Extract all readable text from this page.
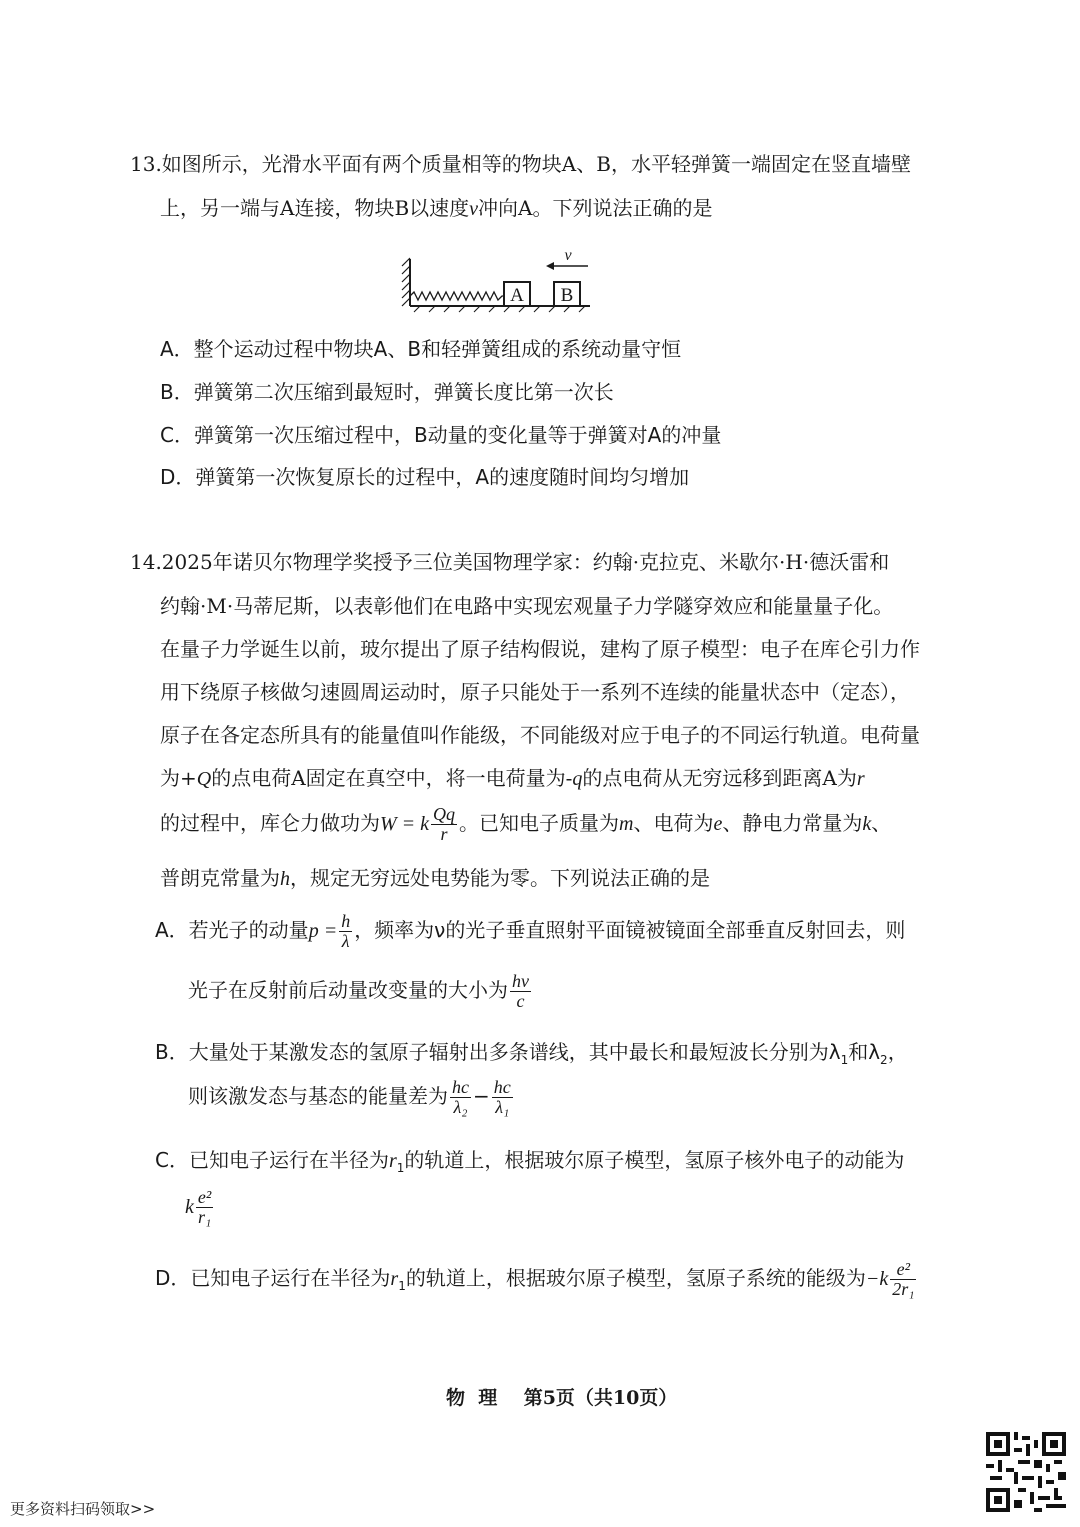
13.如图所示，光滑水平面有两个质量相等的物块A、B，水平轻弹簧一端固定在竖直墙壁
上，另一端与A连接，物块B以速度v冲向A。下列说法正确的是
A B
v
A．整个运动过程中物块A、B和轻弹簧组成的系统动量守恒
B．弹簧第二次压缩到最短时，弹簧长度比第一次长
C．弹簧第一次压缩过程中，B动量的变化量等于弹簧对A的冲量
D．弹簧第一次恢复原长的过程中，A的速度随时间均匀增加
14.2025年诺贝尔物理学奖授予三位美国物理学家：约翰·克拉克、米歇尔·H·德沃雷和
约翰·M·马蒂尼斯，以表彰他们在电路中实现宏观量子力学隧穿效应和能量量子化。
在量子力学诞生以前，玻尔提出了原子结构假说，建构了原子模型：电子在库仑引力作
用下绕原子核做匀速圆周运动时，原子只能处于一系列不连续的能量状态中（定态），
原子在各定态所具有的能量值叫作能级，不同能级对应于电子的不同运行轨道。电荷量
为+Q的点电荷A固定在真空中，将一电荷量为-q的点电荷从无穷远移到距离A为r
的过程中，库仑力做功为W = k $\frac{Qq}{r}$ 。已知电子质量为m、电荷为e、静电力常量为k、
普朗克常量为h，规定无穷远处电势能为零。下列说法正确的是
A．若光子的动量$p = \frac{h}{\lambda}$ ，频率为ν的光子垂直照射平面镜被镜面全部垂直反射回去，则
光子在反射前后动量改变量的大小为 $\frac{h\nu}{c}$
B．大量处于某激发态的氢原子辐射出多条谱线，其中最长和最短波长分别为$\lambda_1$和$\lambda_2$，
则该激发态与基态的能量差为 $\frac{hc}{\text{λ₂}} - \frac{hc}{\text{λ₁}}$
C．已知电子运行在半径为$r_1$的轨道上，根据玻尔原子模型，氢原子核外电子的动能为
k $\frac{\text{e²}}{\text{r₁}}$
D．已知电子运行在半径为$r_1$的轨道上，根据玻尔原子模型，氢原子系统的能级为$-k \frac{\text{e²}}{\text{2r₁}}$
物  理    第5页（共10页）
更多资料扫码领取>>
